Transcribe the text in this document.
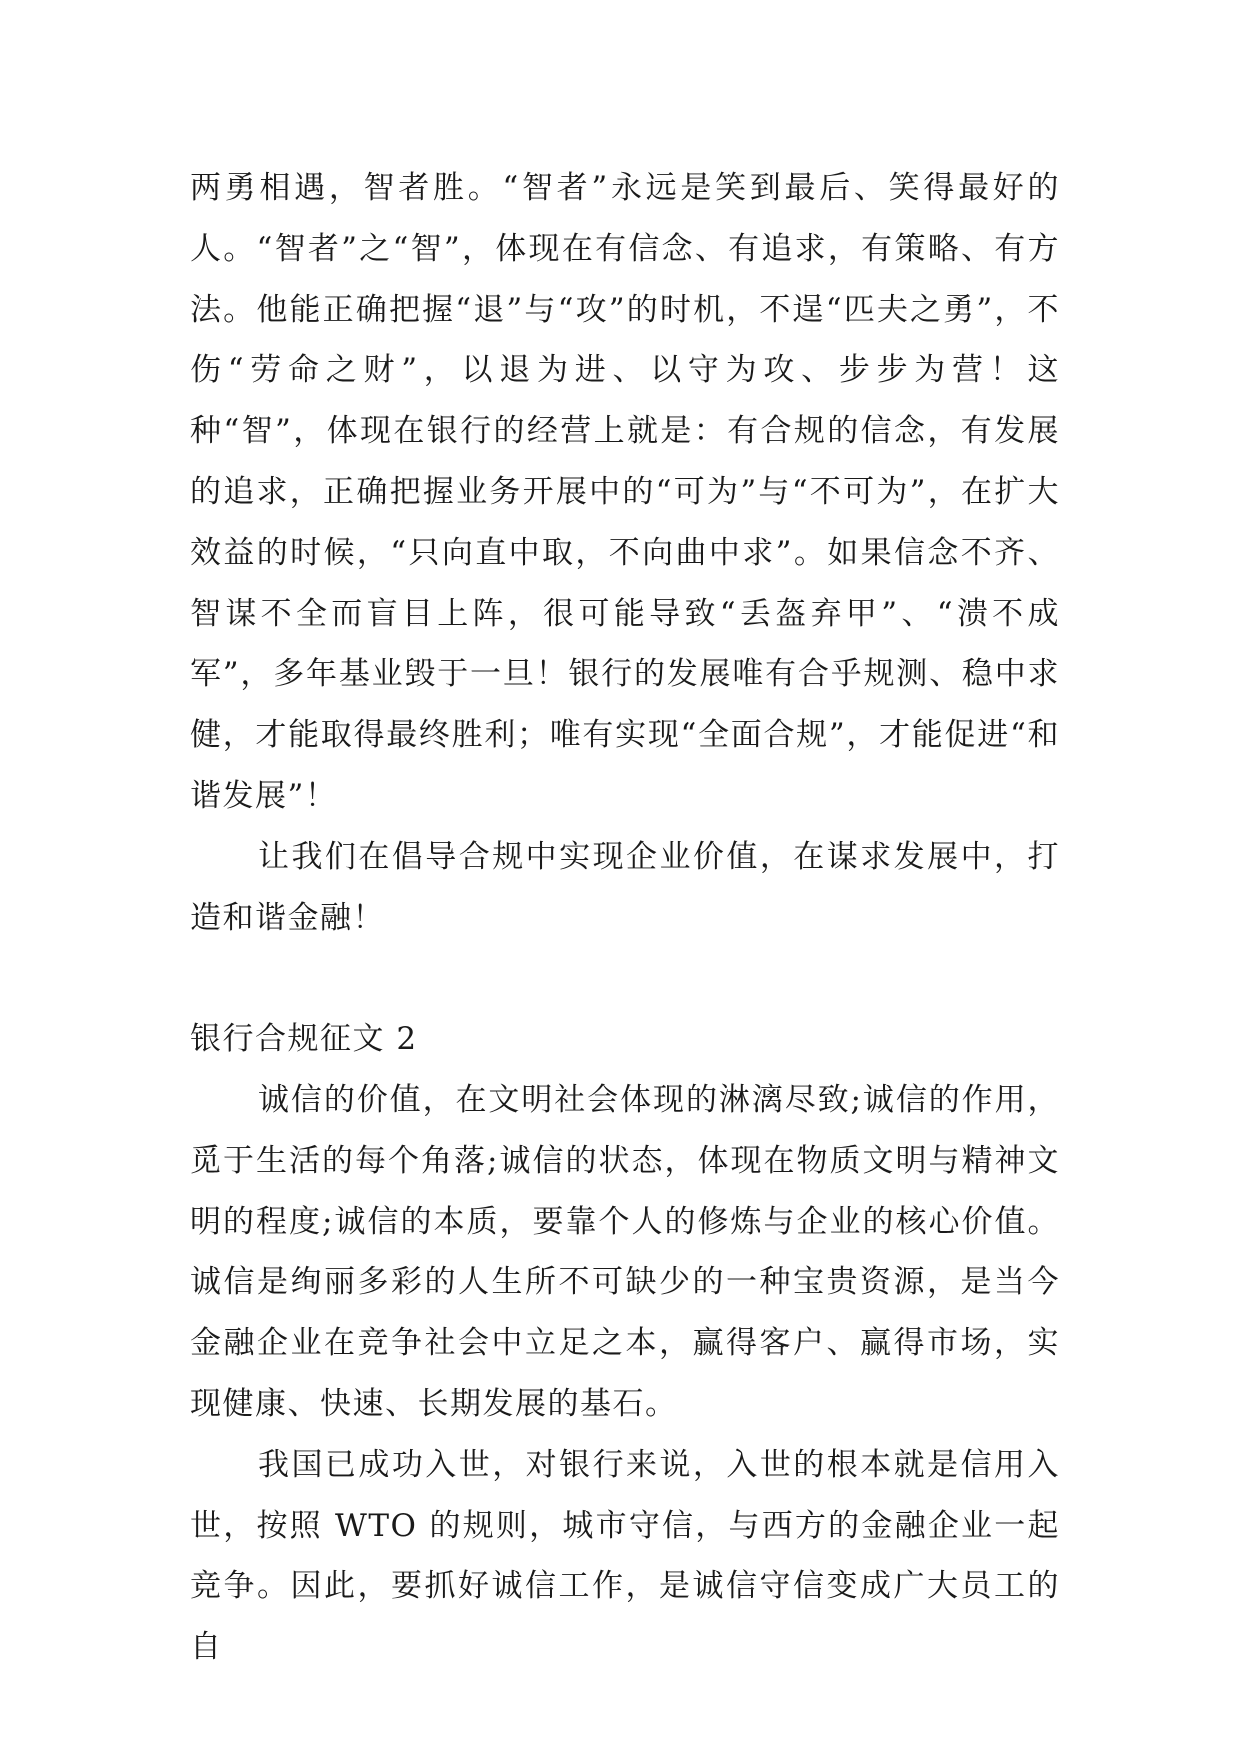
两勇相遇，智者胜。“智者”永远是笑到最后、笑得最好的人。“智者”之“智”，体现在有信念、有追求，有策略、有方法。他能正确把握“退”与“攻”的时机，不逞“匹夫之勇”，不伤“劳命之财”，以退为进、以守为攻、步步为营！这种“智”，体现在银行的经营上就是：有合规的信念，有发展的追求，正确把握业务开展中的“可为”与“不可为”，在扩大效益的时候，“只向直中取，不向曲中求”。如果信念不齐、智谋不全而盲目上阵，很可能导致“丢盔弃甲”、“溃不成军”，多年基业毁于一旦！银行的发展唯有合乎规测、稳中求健，才能取得最终胜利；唯有实现“全面合规”，才能促进“和谐发展”！

让我们在倡导合规中实现企业价值，在谋求发展中，打造和谐金融！

银行合规征文 2

诚信的价值，在文明社会体现的淋漓尽致;诚信的作用，觅于生活的每个角落;诚信的状态，体现在物质文明与精神文明的程度;诚信的本质，要靠个人的修炼与企业的核心价值。诚信是绚丽多彩的人生所不可缺少的一种宝贵资源，是当今金融企业在竞争社会中立足之本，赢得客户、赢得市场，实现健康、快速、长期发展的基石。

我国已成功入世，对银行来说，入世的根本就是信用入世，按照 WTO 的规则，城市守信，与西方的金融企业一起竞争。因此，要抓好诚信工作，是诚信守信变成广大员工的自
